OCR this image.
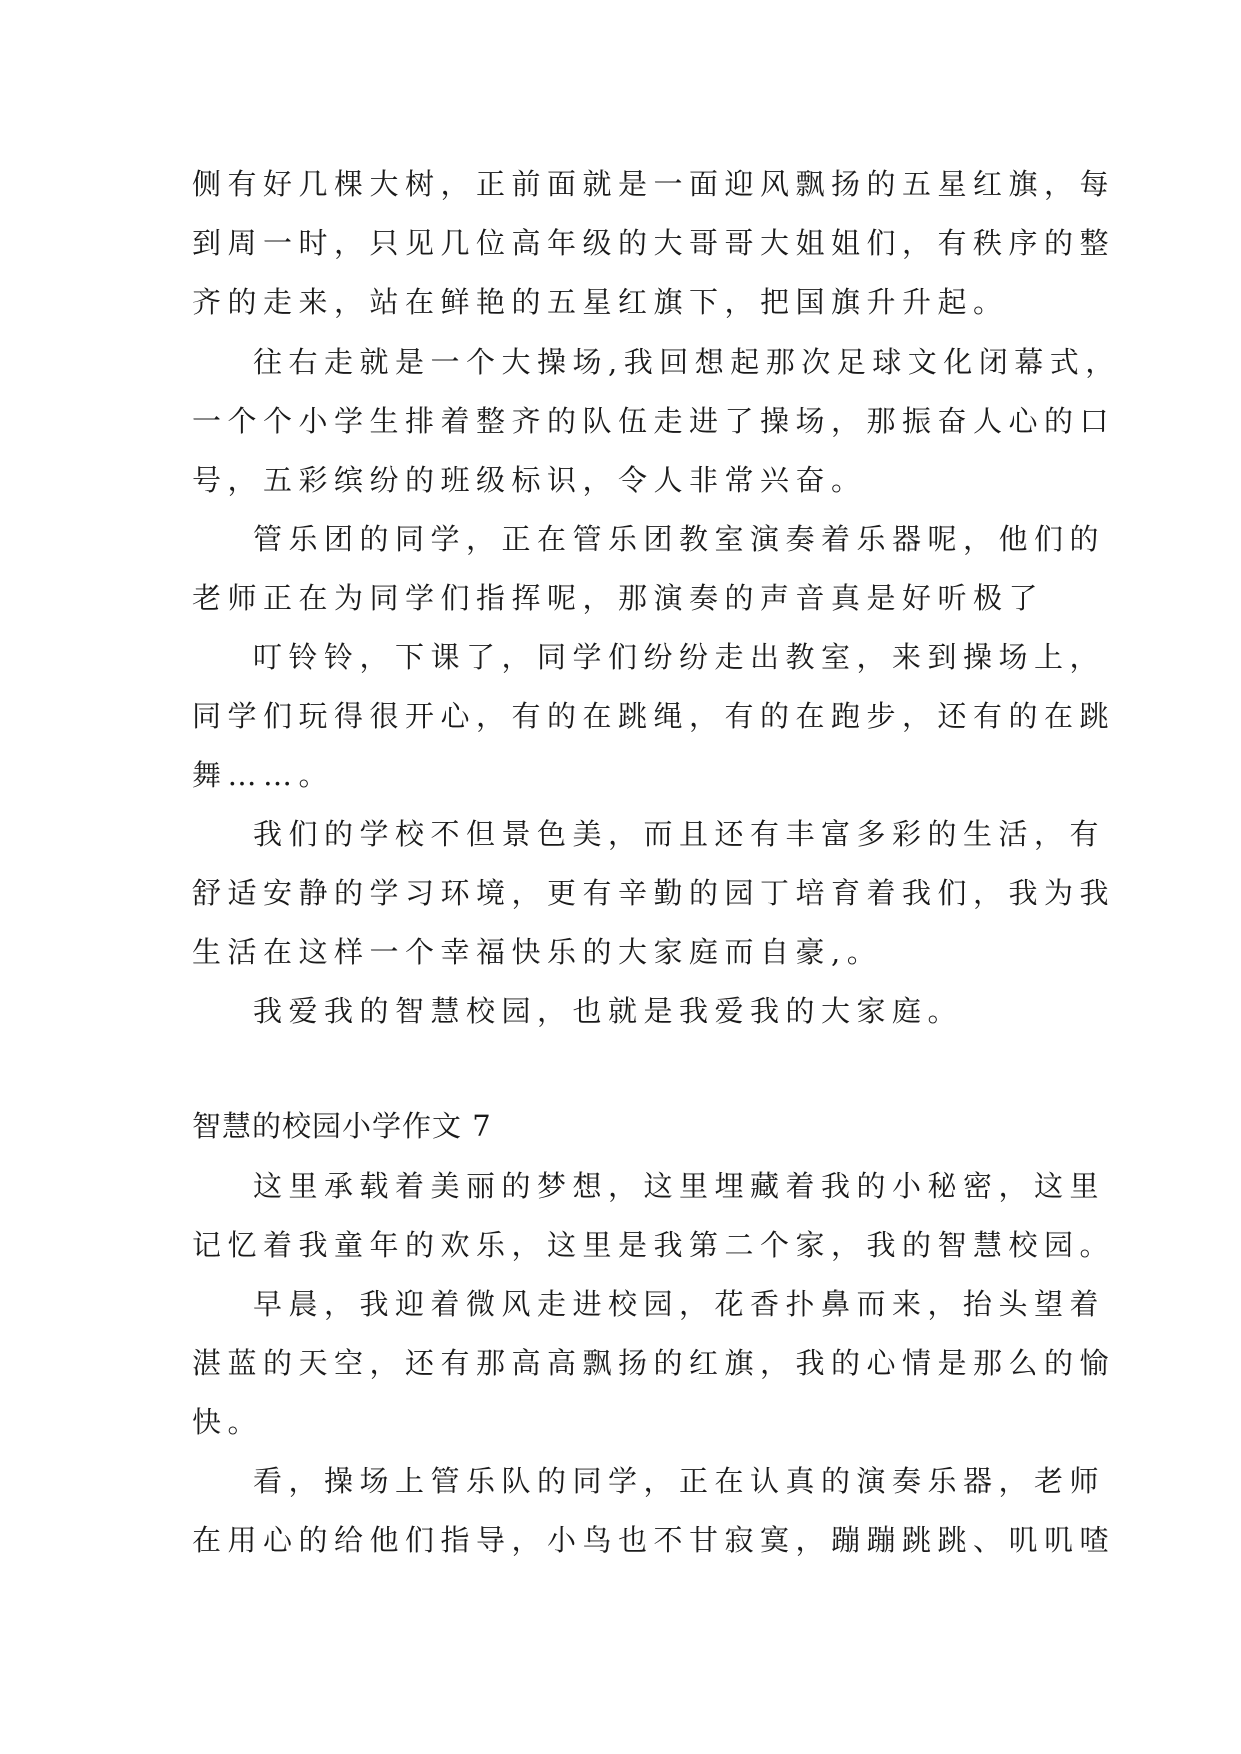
侧有好几棵大树，正前面就是一面迎风飘扬的五星红旗，每
到周一时，只见几位高年级的大哥哥大姐姐们，有秩序的整
齐的走来，站在鲜艳的五星红旗下，把国旗升升起。
往右走就是一个大操场,我回想起那次足球文化闭幕式，
一个个小学生排着整齐的队伍走进了操场，那振奋人心的口
号，五彩缤纷的班级标识，令人非常兴奋。
管乐团的同学，正在管乐团教室演奏着乐器呢，他们的
老师正在为同学们指挥呢，那演奏的声音真是好听极了
叮铃铃，下课了，同学们纷纷走出教室，来到操场上，
同学们玩得很开心，有的在跳绳，有的在跑步，还有的在跳
舞……。
我们的学校不但景色美，而且还有丰富多彩的生活，有
舒适安静的学习环境，更有辛勤的园丁培育着我们，我为我
生活在这样一个幸福快乐的大家庭而自豪,。
我爱我的智慧校园，也就是我爱我的大家庭。
智慧的校园小学作文 7
这里承载着美丽的梦想，这里埋藏着我的小秘密，这里
记忆着我童年的欢乐，这里是我第二个家，我的智慧校园。
早晨，我迎着微风走进校园，花香扑鼻而来，抬头望着
湛蓝的天空，还有那高高飘扬的红旗，我的心情是那么的愉
快。
看，操场上管乐队的同学，正在认真的演奏乐器，老师
在用心的给他们指导，小鸟也不甘寂寞，蹦蹦跳跳、叽叽喳
